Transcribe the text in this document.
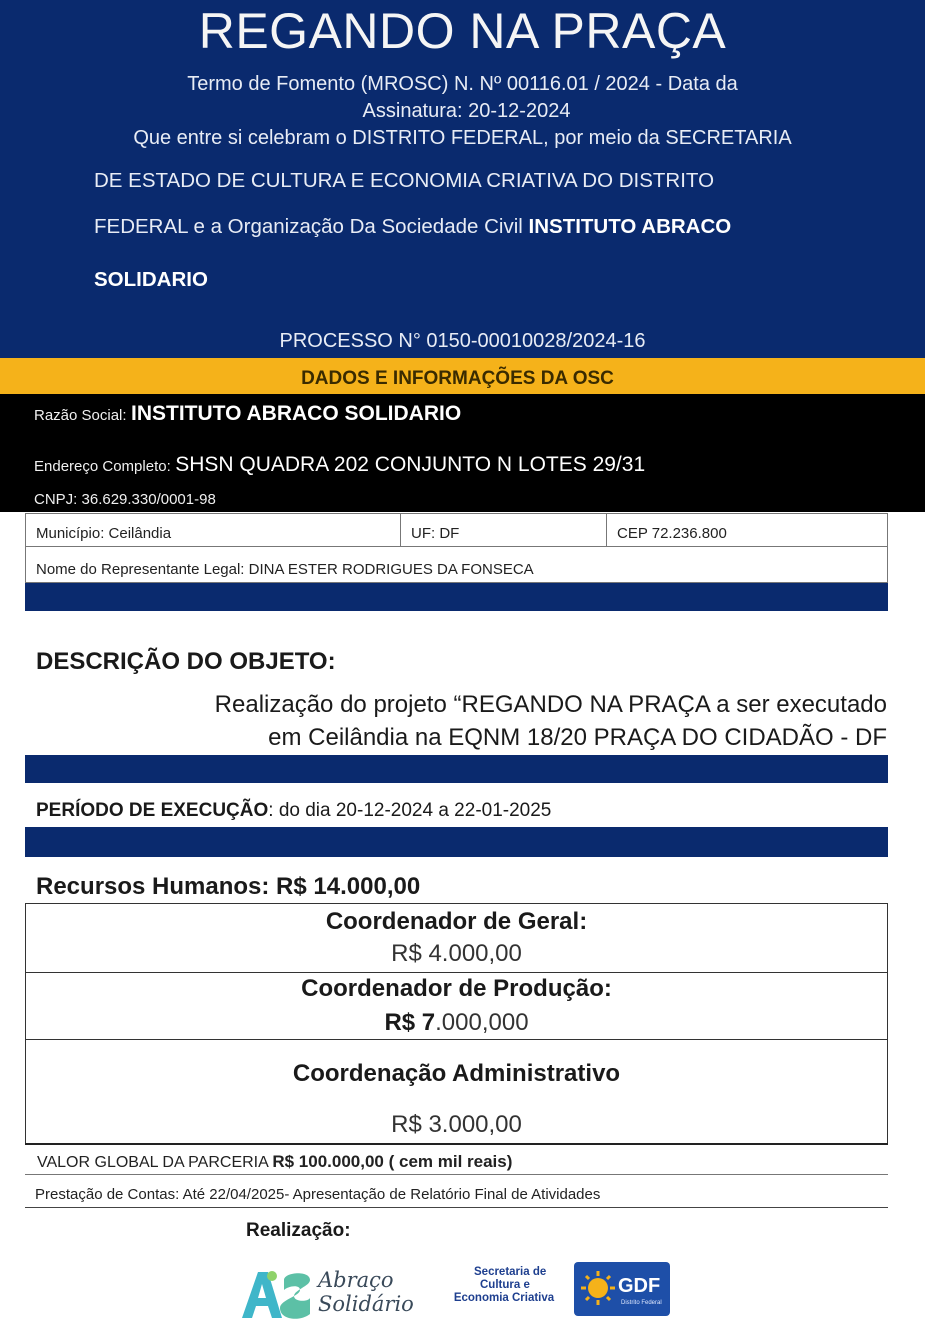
REGANDO NA PRAÇA
Termo de Fomento (MROSC) N. Nº 00116.01 / 2024 - Data da
Assinatura: 20-12-2024
Que entre si celebram o DISTRITO FEDERAL, por meio da SECRETARIA
DE ESTADO DE CULTURA E ECONOMIA CRIATIVA DO DISTRITO
FEDERAL e a Organização Da Sociedade Civil INSTITUTO ABRACO
SOLIDARIO
PROCESSO N° 0150-00010028/2024-16
DADOS E INFORMAÇÕES DA OSC
Razão Social: INSTITUTO ABRACO SOLIDARIO
Endereço Completo: SHSN QUADRA 202 CONJUNTO N LOTES 29/31
CNPJ: 36.629.330/0001-98
Município: Ceilândia	UF: DF	CEP 72.236.800
Nome do Representante Legal: DINA ESTER RODRIGUES DA FONSECA
DESCRIÇÃO DO OBJETO:
Realização do projeto “REGANDO NA PRAÇA a ser executado
em Ceilândia na EQNM 18/20 PRAÇA DO CIDADÃO - DF
PERÍODO DE EXECUÇÃO: do dia 20-12-2024 a 22-01-2025
Recursos Humanos: R$ 14.000,00
Coordenador de Geral:
R$ 4.000,00
Coordenador de Produção:
R$ 7.000,000
Coordenação Administrativo
R$ 3.000,00
VALOR GLOBAL DA PARCERIA R$ 100.000,00 ( cem mil reais)
Prestação de Contas: Até 22/04/2025- Apresentação de Relatório Final de Atividades
Realização:
Abraço
Solidário
Secretaria de
Cultura e
Economia Criativa
GDF
Distrito Federal
